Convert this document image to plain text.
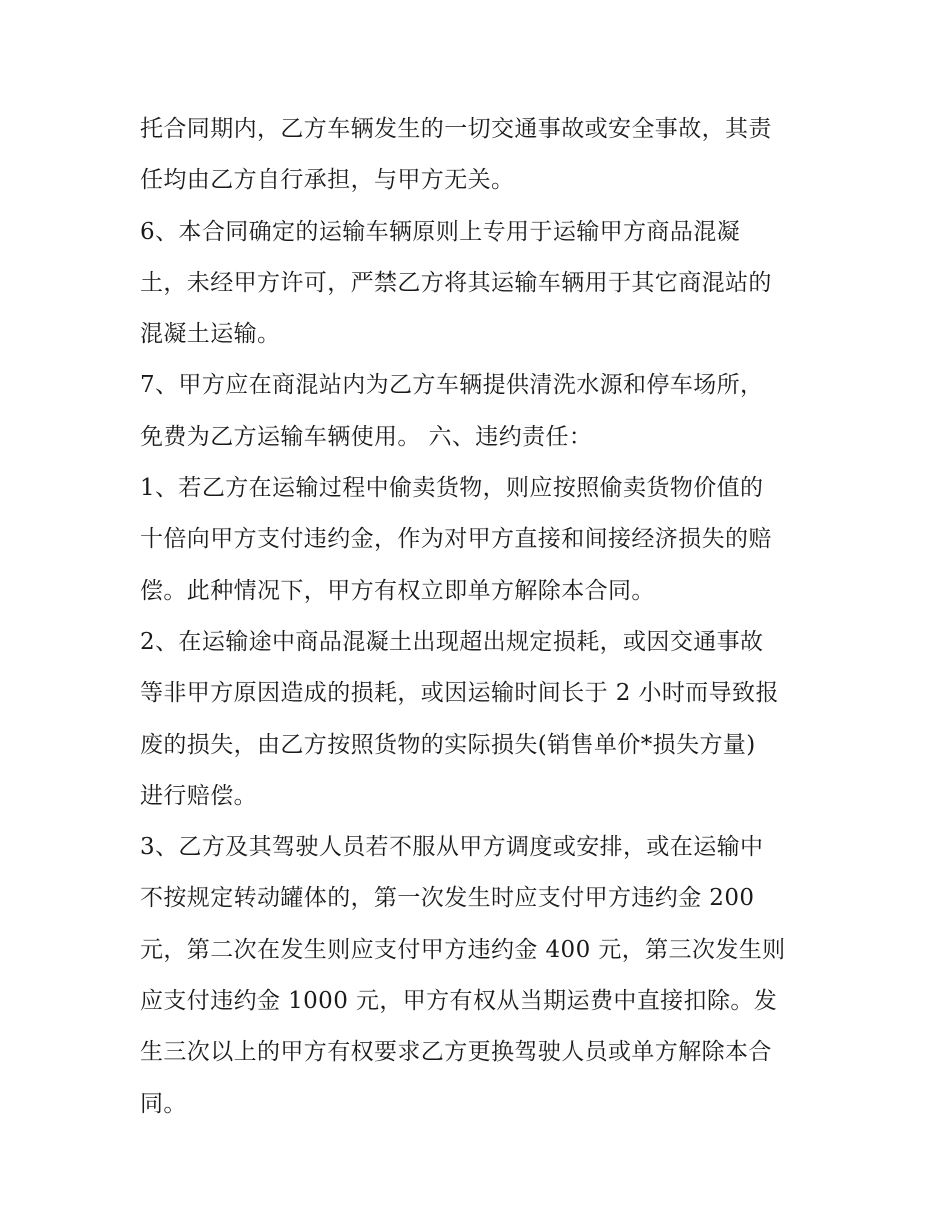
托合同期内，乙方车辆发生的一切交通事故或安全事故，其责
任均由乙方自行承担，与甲方无关。
6、本合同确定的运输车辆原则上专用于运输甲方商品混凝
土，未经甲方许可，严禁乙方将其运输车辆用于其它商混站的
混凝土运输。
7、甲方应在商混站内为乙方车辆提供清洗水源和停车场所，
免费为乙方运输车辆使用。 六、违约责任：
1、若乙方在运输过程中偷卖货物，则应按照偷卖货物价值的
十倍向甲方支付违约金，作为对甲方直接和间接经济损失的赔
偿。此种情况下，甲方有权立即单方解除本合同。
2、在运输途中商品混凝土出现超出规定损耗，或因交通事故
等非甲方原因造成的损耗，或因运输时间长于 2 小时而导致报
废的损失，由乙方按照货物的实际损失(销售单价*损失方量)
进行赔偿。
3、乙方及其驾驶人员若不服从甲方调度或安排，或在运输中
不按规定转动罐体的，第一次发生时应支付甲方违约金 200
元，第二次在发生则应支付甲方违约金 400 元，第三次发生则
应支付违约金 1000 元，甲方有权从当期运费中直接扣除。发
生三次以上的甲方有权要求乙方更换驾驶人员或单方解除本合
同。
